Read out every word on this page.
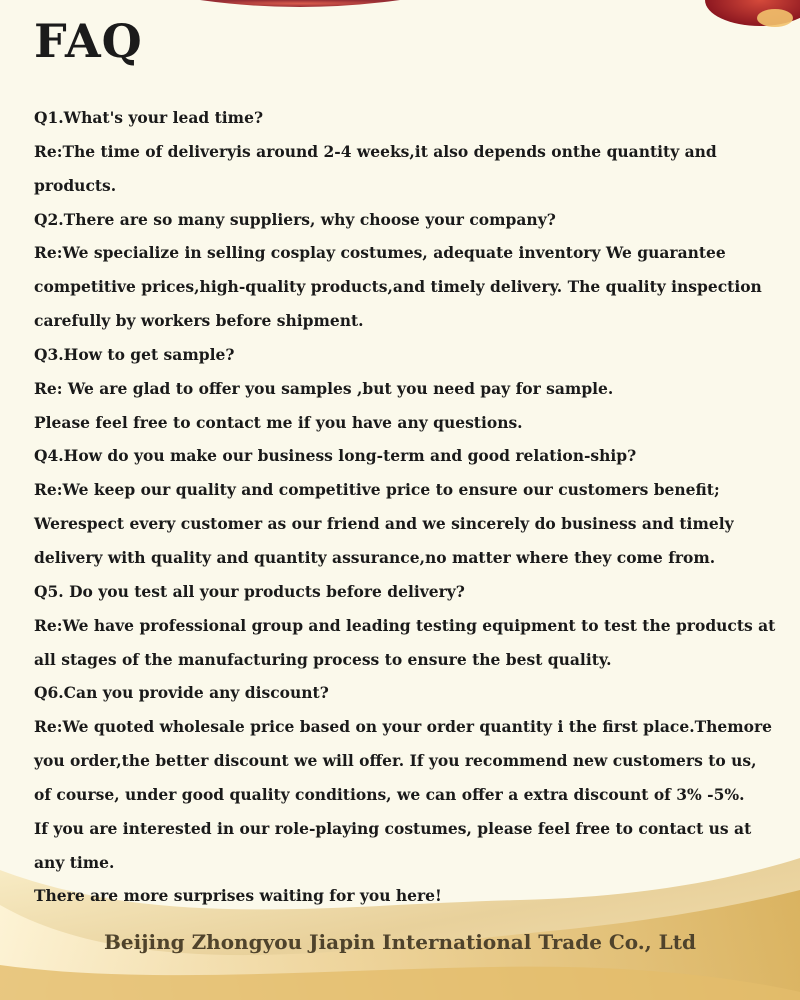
FAQ
Q1.What's your lead time?
Re:The time of deliveryis around 2-4 weeks,it also depends onthe quantity and
products.
Q2.There are so many suppliers, why choose your company?
Re:We specialize in selling cosplay costumes, adequate inventory We guarantee
competitive prices,high-quality products,and timely delivery. The quality inspection
carefully by workers before shipment.
Q3.How to get sample?
Re: We are glad to offer you samples ,but you need pay for sample.
Please feel free to contact me if you have any questions.
Q4.How do you make our business long-term and good relation-ship?
Re:We keep our quality and competitive price to ensure our customers benefit;
Werespect every customer as our friend and we sincerely do business and timely
delivery with quality and quantity assurance,no matter where they come from.
Q5. Do you test all your products before delivery?
Re:We have professional group and leading testing equipment to test the products at
all stages of the manufacturing process to ensure the best quality.
Q6.Can you provide any discount?
Re:We quoted wholesale price based on your order quantity i the first place.Themore
you order,the better discount we will offer. If you recommend new customers to us,
of course, under good quality conditions, we can offer a extra discount of 3% -5%.
If you are interested in our role-playing costumes, please feel free to contact us at
any time.
There are more surprises waiting for you here!
Beijing Zhongyou Jiapin International Trade Co., Ltd
